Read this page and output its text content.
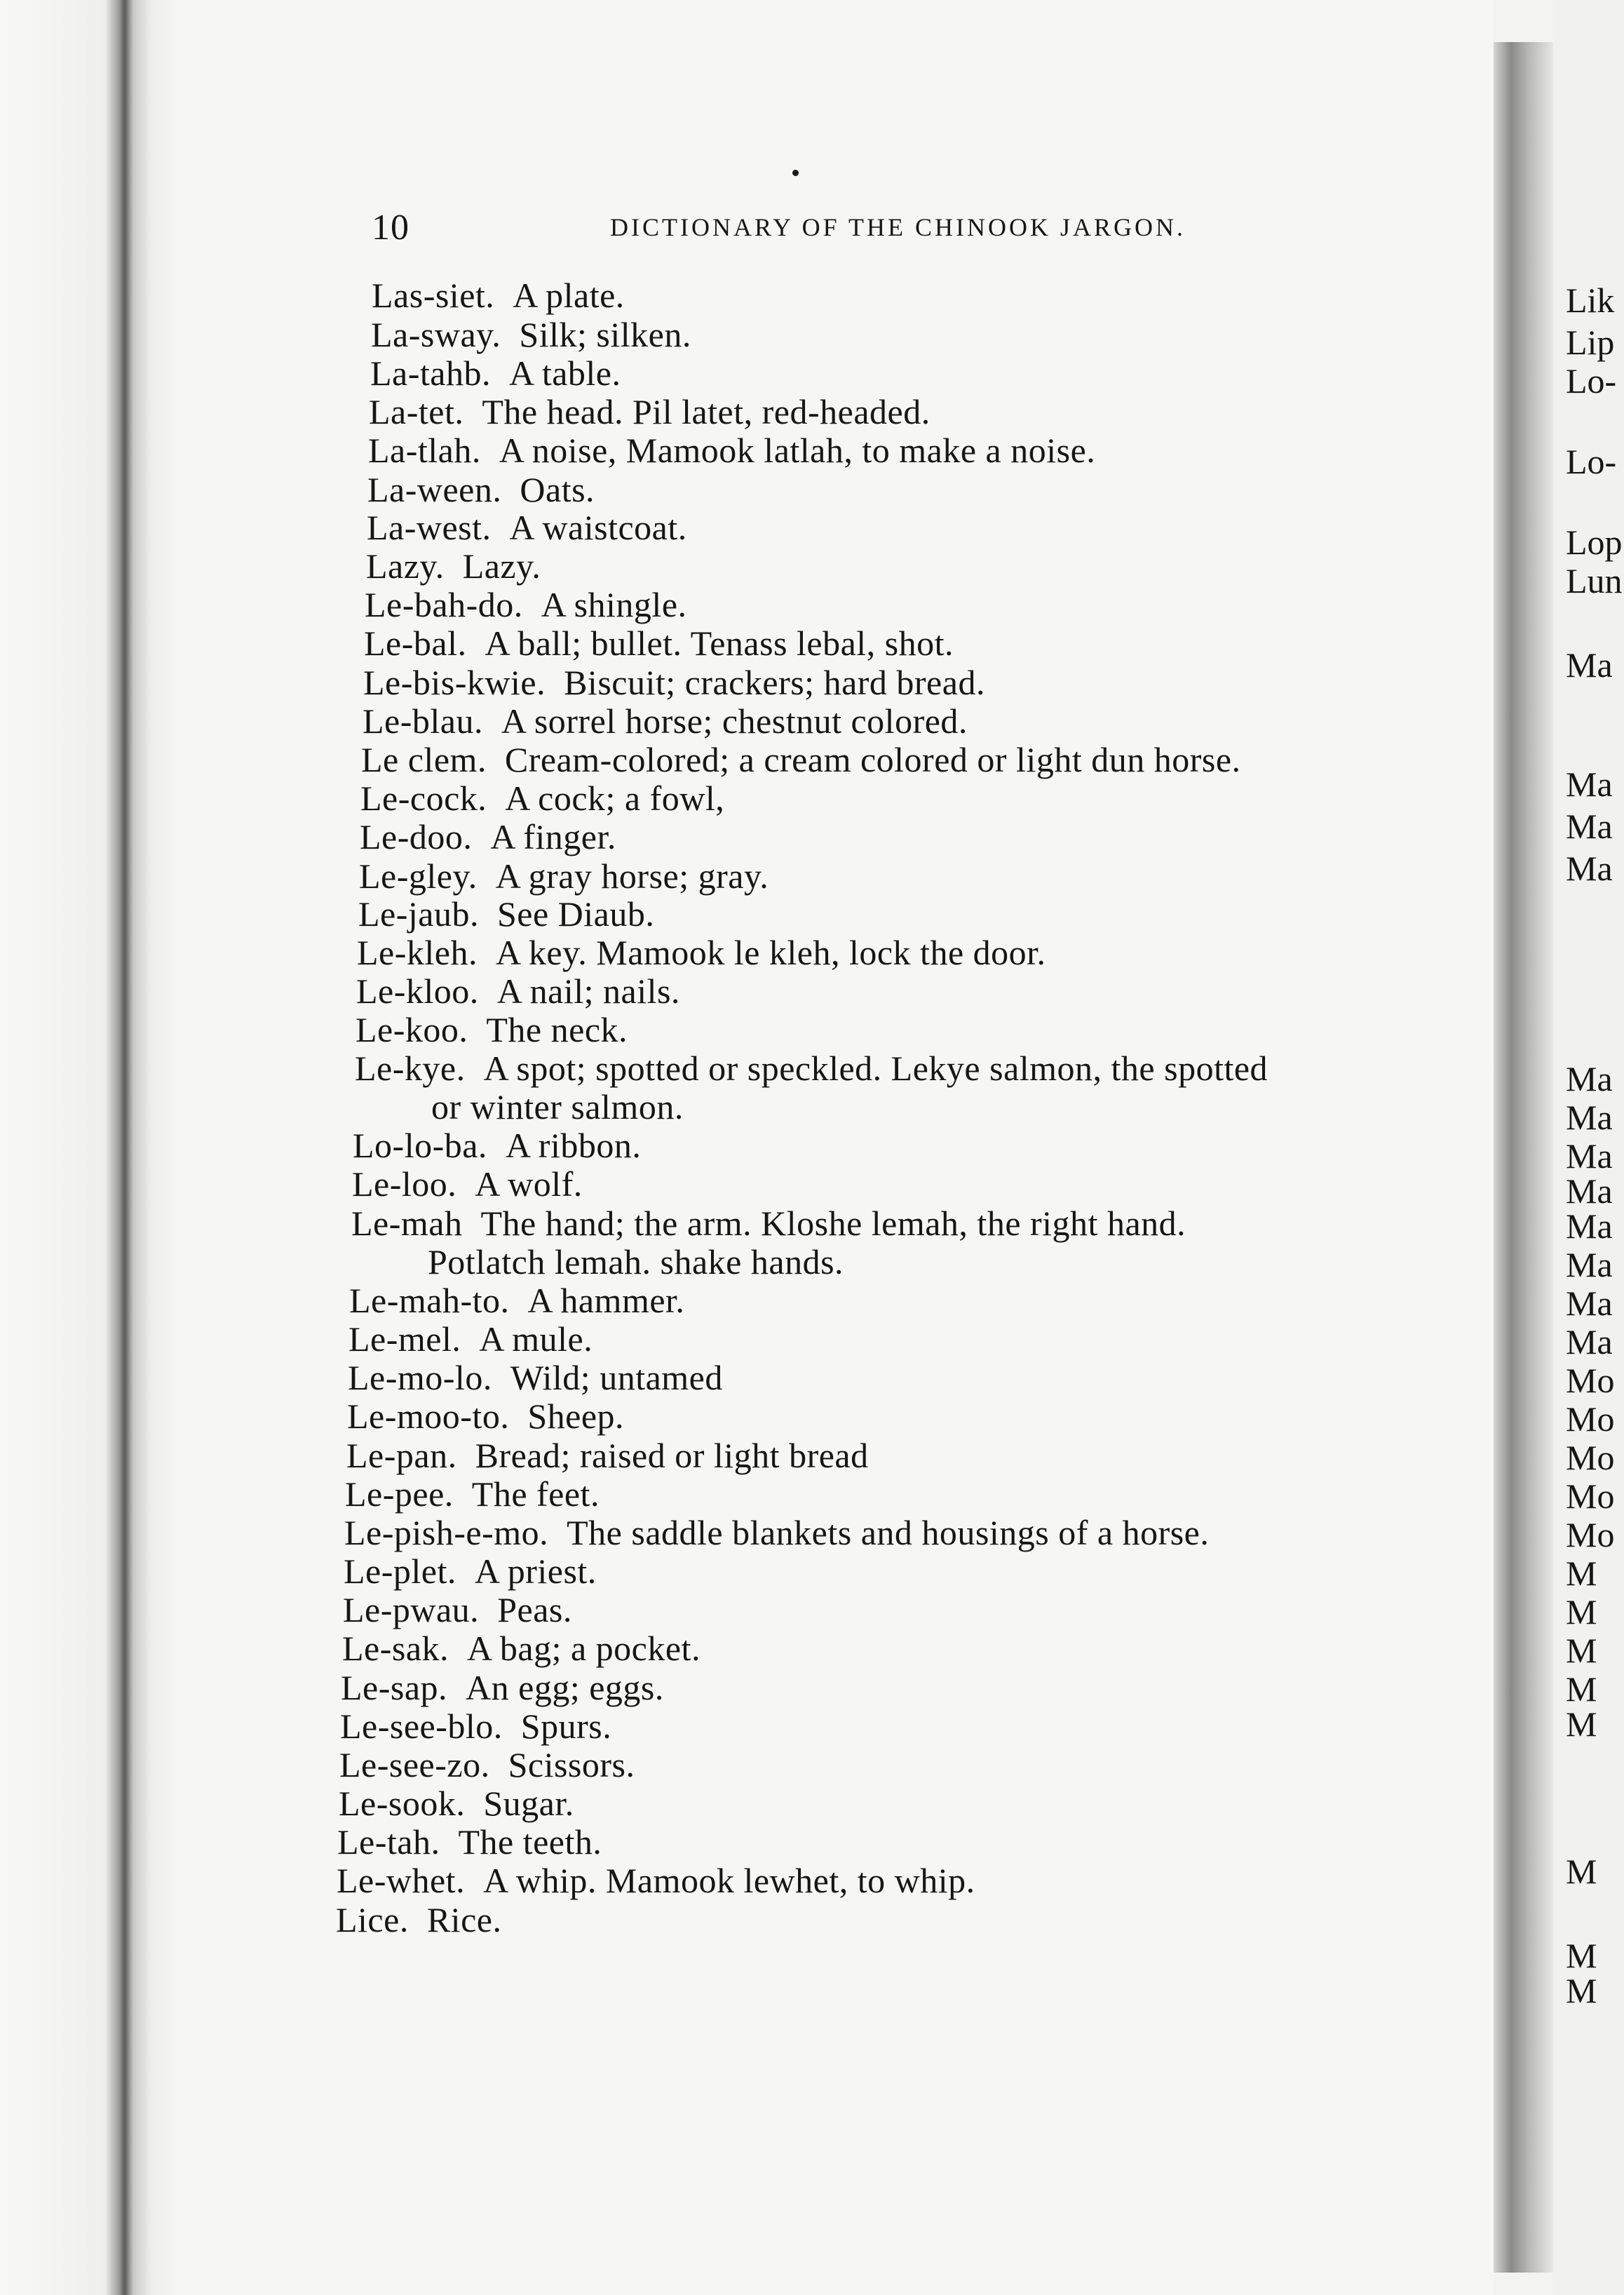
Lik
Lip
Lo-
Lo-
Lop
Lun
Ma
Ma
Ma
Ma
Ma
Ma
Ma
Ma
Ma
Ma
Ma
Ma
Mo
Mo
Mo
Mo
Mo
M
M
M
M
M
M
M
M
10	DICTIONARY OF THE CHINOOK JARGON.
Las-siet. A plate.
La-sway. Silk; silken.
La-tahb. A table.
La-tet. The head. Pil latet, red-headed.
La-tlah. A noise, Mamook latlah, to make a noise.
La-ween. Oats.
La-west. A waistcoat.
Lazy. Lazy.
Le-bah-do. A shingle.
Le-bal. A ball; bullet. Tenass lebal, shot.
Le-bis-kwie. Biscuit; crackers; hard bread.
Le-blau. A sorrel horse; chestnut colored.
Le clem. Cream-colored; a cream colored or light dun horse.
Le-cock. A cock; a fowl,
Le-doo. A finger.
Le-gley. A gray horse; gray.
Le-jaub. See Diaub.
Le-kleh. A key. Mamook le kleh, lock the door.
Le-kloo. A nail; nails.
Le-koo. The neck.
Le-kye. A spot; spotted or speckled. Lekye salmon, the spotted
or winter salmon.
Lo-lo-ba. A ribbon.
Le-loo. A wolf.
Le-mah The hand; the arm. Kloshe lemah, the right hand.
Potlatch lemah. shake hands.
Le-mah-to. A hammer.
Le-mel. A mule.
Le-mo-lo. Wild; untamed
Le-moo-to. Sheep.
Le-pan. Bread; raised or light bread
Le-pee. The feet.
Le-pish-e-mo. The saddle blankets and housings of a horse.
Le-plet. A priest.
Le-pwau. Peas.
Le-sak. A bag; a pocket.
Le-sap. An egg; eggs.
Le-see-blo. Spurs.
Le-see-zo. Scissors.
Le-sook. Sugar.
Le-tah. The teeth.
Le-whet. A whip. Mamook lewhet, to whip.
Lice. Rice.
